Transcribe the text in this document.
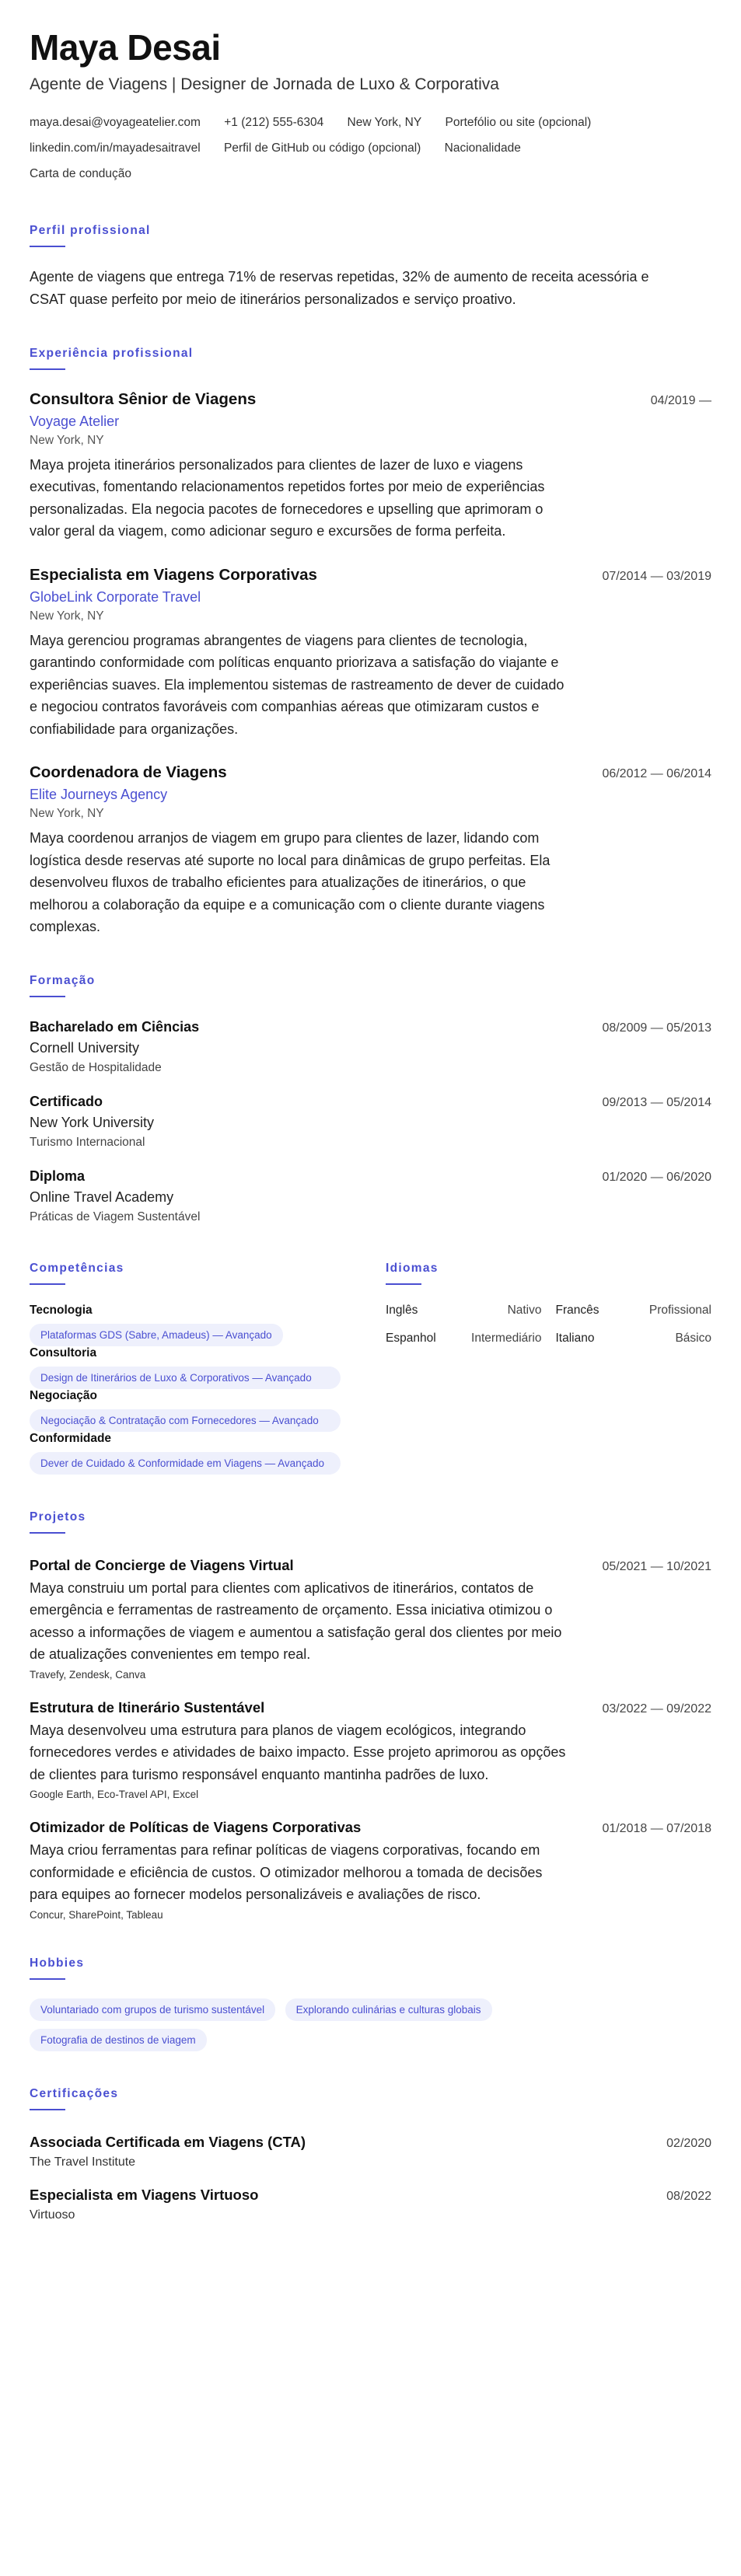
Maya Desai
Agente de Viagens | Designer de Jornada de Luxo & Corporativa
maya.desai@voyageatelier.com +1 (212) 555-6304 New York, NY Portefólio ou site (opcional)
linkedin.com/in/mayadesaitravel Perfil de GitHub ou código (opcional) Nacionalidade
Carta de condução
Perfil profissional
Agente de viagens que entrega 71% de reservas repetidas, 32% de aumento de receita acessória e CSAT quase perfeito por meio de itinerários personalizados e serviço proativo.
Experiência profissional
Consultora Sênior de Viagens	04/2019 —
Voyage Atelier
New York, NY
Maya projeta itinerários personalizados para clientes de lazer de luxo e viagens executivas, fomentando relacionamentos repetidos fortes por meio de experiências personalizadas. Ela negocia pacotes de fornecedores e upselling que aprimoram o valor geral da viagem, como adicionar seguro e excursões de forma perfeita.
Especialista em Viagens Corporativas	07/2014 — 03/2019
GlobeLink Corporate Travel
New York, NY
Maya gerenciou programas abrangentes de viagens para clientes de tecnologia, garantindo conformidade com políticas enquanto priorizava a satisfação do viajante e experiências suaves. Ela implementou sistemas de rastreamento de dever de cuidado e negociou contratos favoráveis com companhias aéreas que otimizaram custos e confiabilidade para organizações.
Coordenadora de Viagens	06/2012 — 06/2014
Elite Journeys Agency
New York, NY
Maya coordenou arranjos de viagem em grupo para clientes de lazer, lidando com logística desde reservas até suporte no local para dinâmicas de grupo perfeitas. Ela desenvolveu fluxos de trabalho eficientes para atualizações de itinerários, o que melhorou a colaboração da equipe e a comunicação com o cliente durante viagens complexas.
Formação
Bacharelado em Ciências	08/2009 — 05/2013
Cornell University
Gestão de Hospitalidade
Certificado	09/2013 — 05/2014
New York University
Turismo Internacional
Diploma	01/2020 — 06/2020
Online Travel Academy
Práticas de Viagem Sustentável
Competências
Tecnologia
Plataformas GDS (Sabre, Amadeus) — Avançado
Consultoria
Design de Itinerários de Luxo & Corporativos — Avançado
Negociação
Negociação & Contratação com Fornecedores — Avançado
Conformidade
Dever de Cuidado & Conformidade em Viagens — Avançado
Idiomas
Inglês	Nativo Francês	Profissional
Espanhol	Intermediário Italiano	Básico
Projetos
Portal de Concierge de Viagens Virtual	05/2021 — 10/2021
Maya construiu um portal para clientes com aplicativos de itinerários, contatos de emergência e ferramentas de rastreamento de orçamento. Essa iniciativa otimizou o acesso a informações de viagem e aumentou a satisfação geral dos clientes por meio de atualizações convenientes em tempo real.
Travefy, Zendesk, Canva
Estrutura de Itinerário Sustentável	03/2022 — 09/2022
Maya desenvolveu uma estrutura para planos de viagem ecológicos, integrando fornecedores verdes e atividades de baixo impacto. Esse projeto aprimorou as opções de clientes para turismo responsável enquanto mantinha padrões de luxo.
Google Earth, Eco-Travel API, Excel
Otimizador de Políticas de Viagens Corporativas	01/2018 — 07/2018
Maya criou ferramentas para refinar políticas de viagens corporativas, focando em conformidade e eficiência de custos. O otimizador melhorou a tomada de decisões para equipes ao fornecer modelos personalizáveis e avaliações de risco.
Concur, SharePoint, Tableau
Hobbies
Voluntariado com grupos de turismo sustentável	Explorando culinárias e culturas globais Fotografia de destinos de viagem
Certificações
Associada Certificada em Viagens (CTA)	02/2020
The Travel Institute
Especialista em Viagens Virtuoso	08/2022
Virtuoso
